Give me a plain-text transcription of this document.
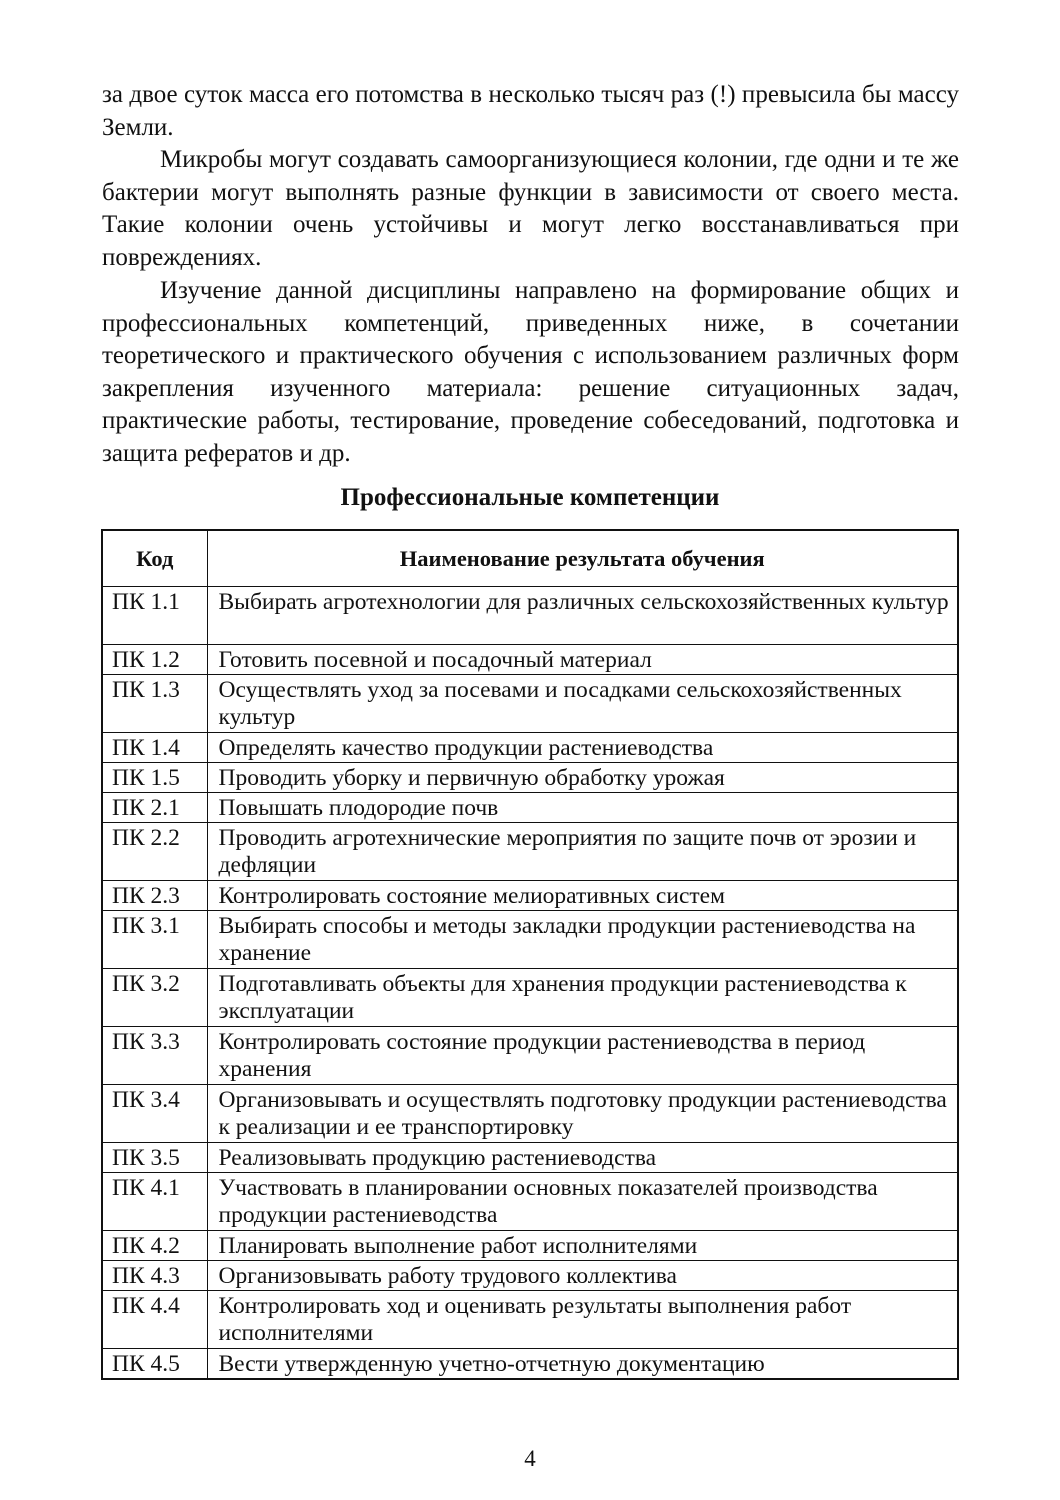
за двое суток масса его потомства в несколько тысяч раз (!) превысила бы массу Земли.

Микробы могут создавать самоорганизующиеся колонии, где одни и те же бактерии могут выполнять разные функции в зависимости от своего места. Такие колонии очень устойчивы и могут легко восстанавливаться при повреждениях.

Изучение данной дисциплины направлено на формирование общих и профессиональных компетенций, приведенных ниже, в сочетании теоретического и практического обучения с использованием различных форм закрепления изученного материала: решение ситуационных задач, практические работы, тестирование, проведение собеседований, подготовка и защита рефератов и др.

Профессиональные компетенции

Код	Наименование результата обучения
ПК 1.1	Выбирать агротехнологии для различных сельскохозяйственных культур
ПК 1.2	Готовить посевной и посадочный материал
ПК 1.3	Осуществлять уход за посевами и посадками сельскохозяйственных культур
ПК 1.4	Определять качество продукции растениеводства
ПК 1.5	Проводить уборку и первичную обработку урожая
ПК 2.1	Повышать плодородие почв
ПК 2.2	Проводить агротехнические мероприятия по защите почв от эрозии и дефляции
ПК 2.3	Контролировать состояние мелиоративных систем
ПК 3.1	Выбирать способы и методы закладки продукции растениеводства на хранение
ПК 3.2	Подготавливать объекты для хранения продукции растениеводства к эксплуатации
ПК 3.3	Контролировать состояние продукции растениеводства в период хранения
ПК 3.4	Организовывать и осуществлять подготовку продукции растениеводства к реализации и ее транспортировку
ПК 3.5	Реализовывать продукцию растениеводства
ПК 4.1	Участвовать в планировании основных показателей производства продукции растениеводства
ПК 4.2	Планировать выполнение работ исполнителями
ПК 4.3	Организовывать работу трудового коллектива
ПК 4.4	Контролировать ход и оценивать результаты выполнения работ исполнителями
ПК 4.5	Вести утвержденную учетно-отчетную документацию

4
